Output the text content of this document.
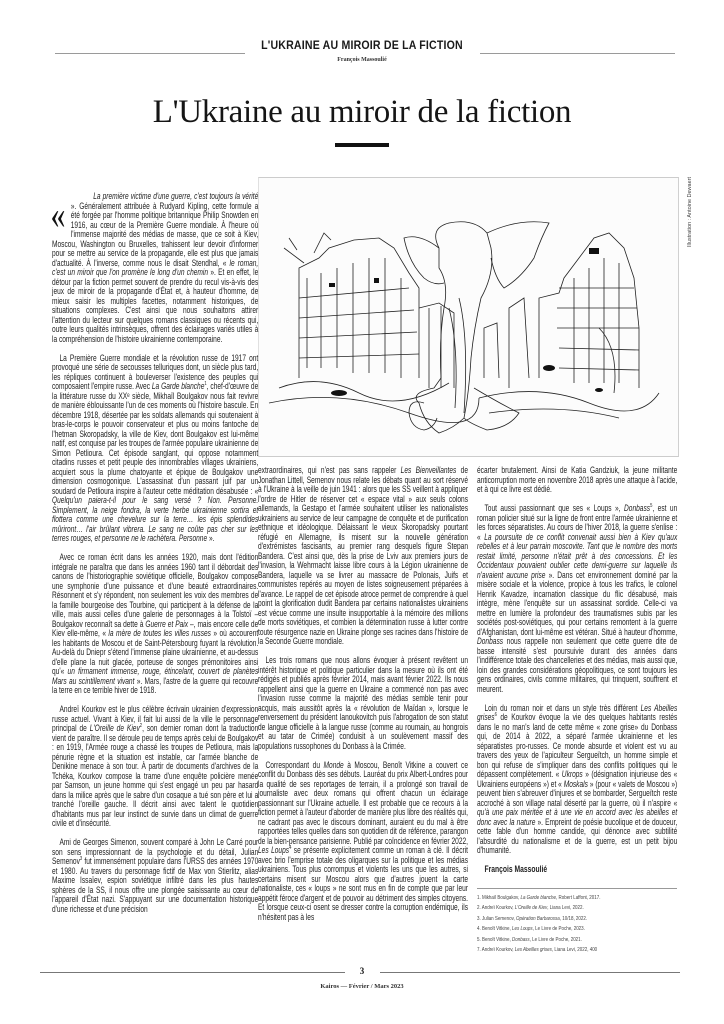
L'UKRAINE AU MIROIR DE LA FICTION
François Massoulié
L'Ukraine au miroir de la fiction
Illustration : Antoine Dewaert

«	La première victime d'une guerre, c'est toujours la vérité ». Généralement attribuée à Rudyard Kipling, cette formule a été forgée par l'homme politique britannique Philip Snowden en 1916, au cœur de la Première Guerre mondiale. À l'heure où l'immense majorité des médias de masse, que ce soit à Kiev, Moscou, Washington ou Bruxelles, trahissent leur devoir d'informer pour se mettre au service de la propagande, elle est plus que jamais d'actualité. À l'inverse, comme nous le disait Stendhal, « le roman, c'est un miroir que l'on promène le long d'un chemin ». Et en effet, le détour par la fiction permet souvent de prendre du recul vis-à-vis des jeux de miroir de la propagande d'État et, à hauteur d'homme, de mieux saisir les multiples facettes, notamment historiques, de situations complexes. C'est ainsi que nous souhaitons attirer l'attention du lecteur sur quelques romans classiques ou récents qui, outre leurs qualités intrinsèques, offrent des éclairages variés utiles à la compréhension de l'histoire ukrainienne contemporaine.

La Première Guerre mondiale et la révolution russe de 1917 ont provoqué une série de secousses telluriques dont, un siècle plus tard, les répliques continuent à bouleverser l'existence des peuples qui composaient l'empire russe. Avec La Garde blanche$^1$, chef-d'œuvre de la littérature russe du XXᵉ siècle, Mikhaïl Boulgakov nous fait revivre de manière éblouissante l'un de ces moments où l'histoire bascule. En décembre 1918, désertée par les soldats allemands qui soutenaient à bras-le-corps le pouvoir conservateur et plus ou moins fantoche de l'hetman Skoropadsky, la ville de Kiev, dont Boulgakov est lui-même natif, est conquise par les troupes de l'armée populaire ukrainienne de Simon Petlioura. Cet épisode sanglant, qui oppose notamment citadins russes et petit peuple des innombrables villages ukrainiens, acquiert sous la plume chatoyante et épique de Boulgakov une dimension cosmogonique. L'assassinat d'un passant juif par un soudard de Petlioura inspire à l'auteur cette méditation désabusée : « Quelqu'un paiera-t-il pour le sang versé ? Non. Personne. Simplement, la neige fondra, la verte herbe ukrainienne sortira et flottera comme une chevelure sur la terre… les épis splendides mûriront… l'air brûlant vibrera. Le sang ne coûte pas cher sur les terres rouges, et personne ne le rachètera. Personne ».

Avec ce roman écrit dans les années 1920, mais dont l'édition intégrale ne paraîtra que dans les années 1960 tant il débordait des canons de l'historiographie soviétique officielle, Boulgakov compose une symphonie d'une puissance et d'une beauté extraordinaires. Résonnent et s'y répondent, non seulement les voix des membres de la famille bourgeoise des Tourbine, qui participent à la défense de la ville, mais aussi celles d'une galerie de personnages à la Tolstoï – Boulgakov reconnaît sa dette à Guerre et Paix –, mais encore celle de Kiev elle-même, « la mère de toutes les villes russes » où accourent les habitants de Moscou et de Saint-Pétersbourg fuyant la révolution. Au-delà du Dniepr s'étend l'immense plaine ukrainienne, et au-dessus d'elle plane la nuit glacée, porteuse de songes prémonitoires ainsi qu'« un firmament immense, rouge, étincelant, couvert de planètes Mars au scintillement vivant ». Mars, l'astre de la guerre qui recouvre la terre en ce terrible hiver de 1918.

Andreï Kourkov est le plus célèbre écrivain ukrainien d'expression russe actuel. Vivant à Kiev, il fait lui aussi de la ville le personnage principal de L'Oreille de Kiev$^2$, son dernier roman dont la traduction vient de paraître. Il se déroule peu de temps après celui de Boulgakov : en 1919, l'Armée rouge a chassé les troupes de Petlioura, mais la pénurie règne et la situation est instable, car l'armée blanche de Denikine menace à son tour. À partir de documents d'archives de la Tchéka, Kourkov compose la trame d'une enquête policière menée par Samson, un jeune homme qui s'est engagé un peu par hasard dans la milice après que le sabre d'un cosaque a tué son père et lui a tranché l'oreille gauche. Il décrit ainsi avec talent le quotidien d'habitants mus par leur instinct de survie dans un climat de guerre civile et d'insécurité.

Ami de Georges Simenon, souvent comparé à John Le Carré pour son sens impressionnant de la psychologie et du détail, Julian Semenov$^3$ fut immensément populaire dans l'URSS des années 1970 et 1980. Au travers du personnage fictif de Max von Stierlitz, alias Maxime Issaïev, espion soviétique infiltré dans les plus hautes sphères de la SS, il nous offre une plongée saisissante au cœur de l'appareil d'État nazi. S'appuyant sur une documentation historique d'une richesse et d'une précision

extraordinaires, qui n'est pas sans rappeler Les Bienveillantes de Jonathan Littell, Semenov nous relate les débats quant au sort réservé à l'Ukraine à la veille de juin 1941 : alors que les SS veillent à appliquer l'ordre de Hitler de réserver cet « espace vital » aux seuls colons allemands, la Gestapo et l'armée souhaitent utiliser les nationalistes ukrainiens au service de leur campagne de conquête et de purification ethnique et idéologique. Délaissant le vieux Skoropadsky pourtant réfugié en Allemagne, ils misent sur la nouvelle génération d'extrémistes fascisants, au premier rang desquels figure Stepan Bandera. C'est ainsi que, dès la prise de Lviv aux premiers jours de l'invasion, la Wehrmacht laisse libre cours à la Légion ukrainienne de Bandera, laquelle va se livrer au massacre de Polonais, Juifs et communistes repérés au moyen de listes soigneusement préparées à l'avance. Le rappel de cet épisode atroce permet de comprendre à quel point la glorification dudit Bandera par certains nationalistes ukrainiens est vécue comme une insulte insupportable à la mémoire des millions de morts soviétiques, et combien la détermination russe à lutter contre toute résurgence nazie en Ukraine plonge ses racines dans l'histoire de la Seconde Guerre mondiale.

Les trois romans que nous allons évoquer à présent revêtent un intérêt historique et politique particulier dans la mesure où ils ont été rédigés et publiés après février 2014, mais avant février 2022. Ils nous rappellent ainsi que la guerre en Ukraine a commencé non pas avec l'invasion russe comme la majorité des médias semble tenir pour acquis, mais aussitôt après la « révolution de Maïdan », lorsque le renversement du président Ianoukovitch puis l'abrogation de son statut de langue officielle à la langue russe (comme au roumain, au hongrois et au tatar de Crimée) conduisit à un soulèvement massif des populations russophones du Donbass à la Crimée.

Correspondant du Monde à Moscou, Benoît Vitkine a couvert ce conflit du Donbass dès ses débuts. Lauréat du prix Albert-Londres pour la qualité de ses reportages de terrain, il a prolongé son travail de journaliste avec deux romans qui offrent chacun un éclairage passionnant sur l'Ukraine actuelle. Il est probable que ce recours à la fiction permet à l'auteur d'aborder de manière plus libre des réalités qui, ne cadrant pas avec le discours dominant, auraient eu du mal à être rapportées telles quelles dans son quotidien dit de référence, parangon de la bien-pensance parisienne. Publié par coïncidence en février 2022, Les Loups$^4$ se présente explicitement comme un roman à clé. Il décrit avec brio l'emprise totale des oligarques sur la politique et les médias ukrainiens. Tous plus corrompus et violents les uns que les autres, si certains misent sur Moscou alors que d'autres jouent la carte nationaliste, ces « loups » ne sont mus en fin de compte que par leur appétit féroce d'argent et de pouvoir au détriment des simples citoyens. Et lorsque ceux-ci osent se dresser contre la corruption endémique, ils n'hésitent pas à les

écarter brutalement. Ainsi de Katia Gandziuk, la jeune militante anticorruption morte en novembre 2018 après une attaque à l'acide, et à qui ce livre est dédié.

Tout aussi passionnant que ses « Loups », Donbass$^5$, est un roman policier situé sur la ligne de front entre l'armée ukrainienne et les forces séparatistes. Au cours de l'hiver 2018, la guerre s'enlise : « La poursuite de ce conflit convenait aussi bien à Kiev qu'aux rebelles et à leur parrain moscovite. Tant que le nombre des morts restait limité, personne n'était prêt à des concessions. Et les Occidentaux pouvaient oublier cette demi-guerre sur laquelle ils n'avaient aucune prise ». Dans cet environnement dominé par la misère sociale et la violence, propice à tous les trafics, le colonel Henrik Kavadze, incarnation classique du flic désabusé, mais intègre, mène l'enquête sur un assassinat sordide. Celle-ci va mettre en lumière la profondeur des traumatismes subis par les sociétés post-soviétiques, qui pour certains remontent à la guerre d'Afghanistan, dont lui-même est vétéran. Situé à hauteur d'homme, Donbass nous rappelle non seulement que cette guerre dite de basse intensité s'est poursuivie durant des années dans l'indifférence totale des chancelleries et des médias, mais aussi que, loin des grandes considérations géopolitiques, ce sont toujours les gens ordinaires, civils comme militaires, qui trinquent, souffrent et meurent.

Loin du roman noir et dans un style très différent Les Abeilles grises$^6$ de Kourkov évoque la vie des quelques habitants restés dans le no man's land de cette même « zone grise» du Donbass qui, de 2014 à 2022, a séparé l'armée ukrainienne et les séparatistes pro-russes. Ce monde absurde et violent est vu au travers des yeux de l'apiculteur Sergueïtch, un homme simple et bon qui refuse de s'impliquer dans des conflits politiques qui le dépassent complètement. « Ukrops » (désignation injurieuse des « Ukrainiens européens ») et « Moskals » (pour « valets de Moscou ») peuvent bien s'abreuver d'injures et se bombarder, Sergueïtch reste accroché à son village natal déserté par la guerre, où il n'aspire « qu'à une paix méritée et à une vie en accord avec les abeilles et donc avec la nature ». Empreint de poésie bucolique et de douceur, cette fable d'un homme candide, qui dénonce avec subtilité l'absurdité du nationalisme et de la guerre, est un petit bijou d'humanité.

François Massoulié

1. Mikhaïl Boulgakov, La Garde blanche, Robert Laffont, 2017.
2. Andreï Kourkov, L'Oreille de Kiev, Liana Levi, 2022.
3. Julian Semenov, Opération Barbarossa, 10/18, 2022.
4. Benoît Vitkine, Les Loups, Le Livre de Poche, 2023.
5. Benoît Vitkine, Donbass, Le Livre de Poche, 2021.
7. Andreï Kourkov, Les Abeilles grises, Liana Levi, 2022, 400
3
Kairos — Février / Mars 2023
